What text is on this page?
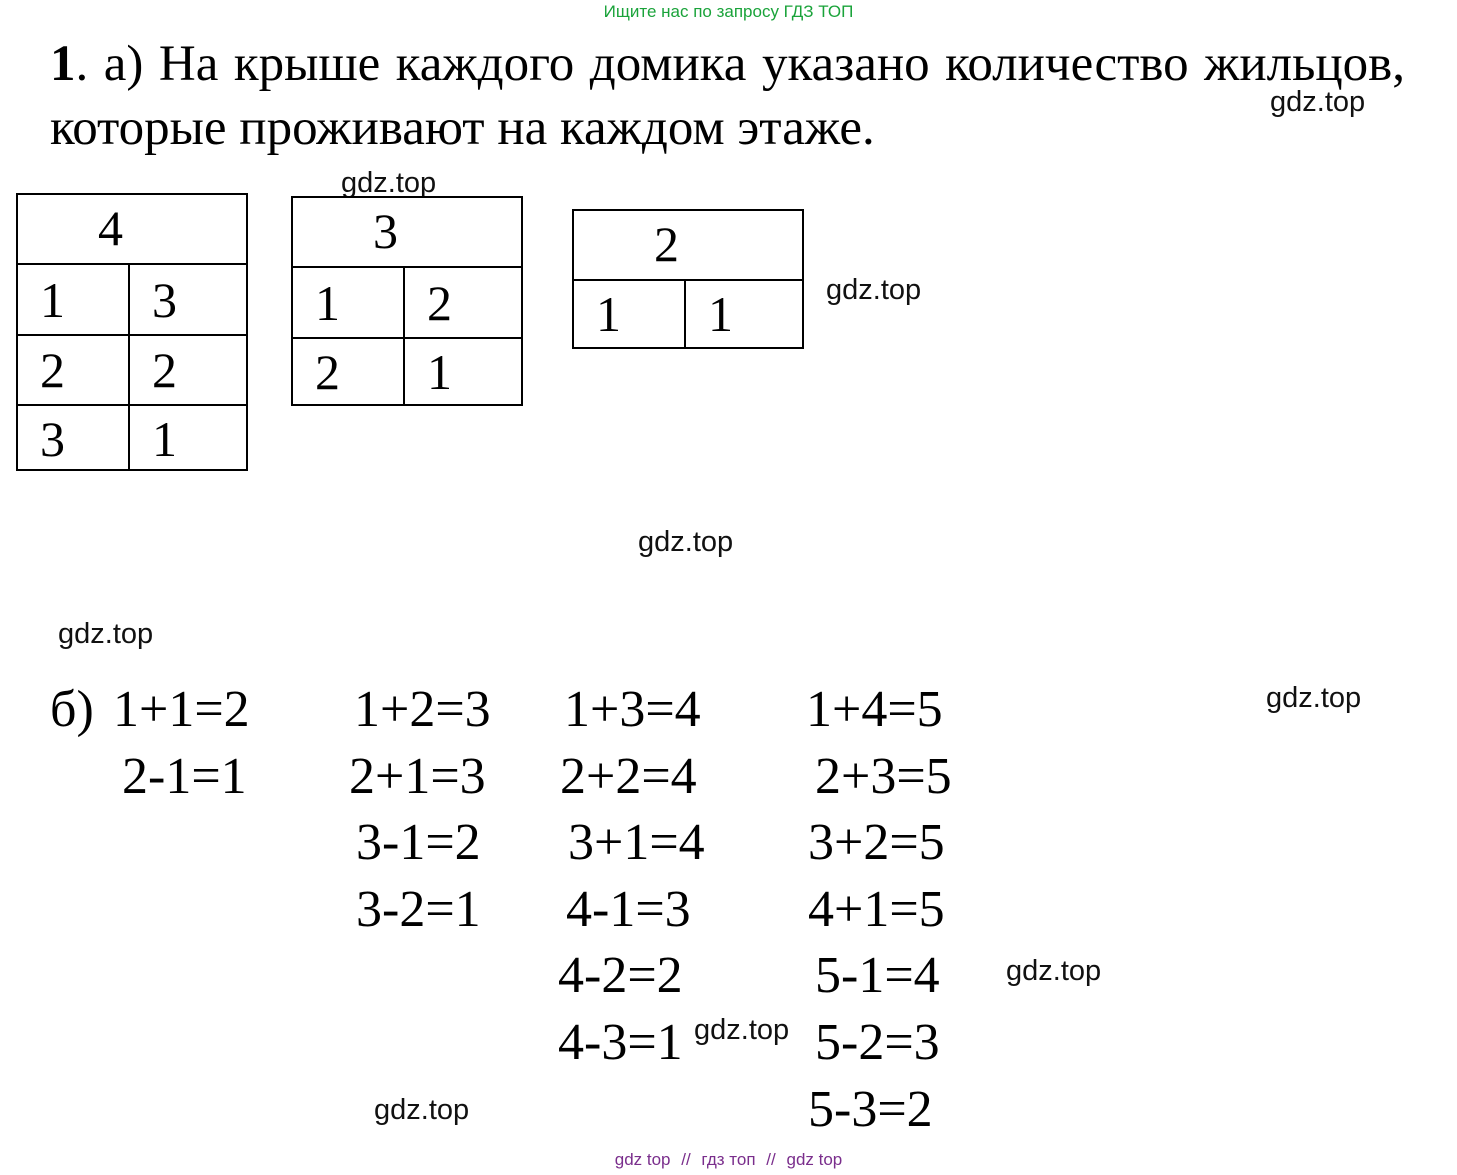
Ищите нас по запросу ГДЗ ТОП

1. а) На крыше каждого домика указано количество жильцов, которые проживают на каждом этаже.	gdz.top
gdz.top
gdz.top
gdz.top
gdz.top
gdz.top
gdz.top
gdz.top
gdz.top
4
1 3
2 2
3 1
3
1 2
2 1
2
1 1
б) 1+1=2
2-1=1
1+2=3
2+1=3
3-1=2
3-2=1
1+3=4
2+2=4
3+1=4
4-1=3
4-2=2
4-3=1
1+4=5
2+3=5
3+2=5
4+1=5
5-1=4
5-2=3
5-3=2
gdz top // гдз топ // gdz top
